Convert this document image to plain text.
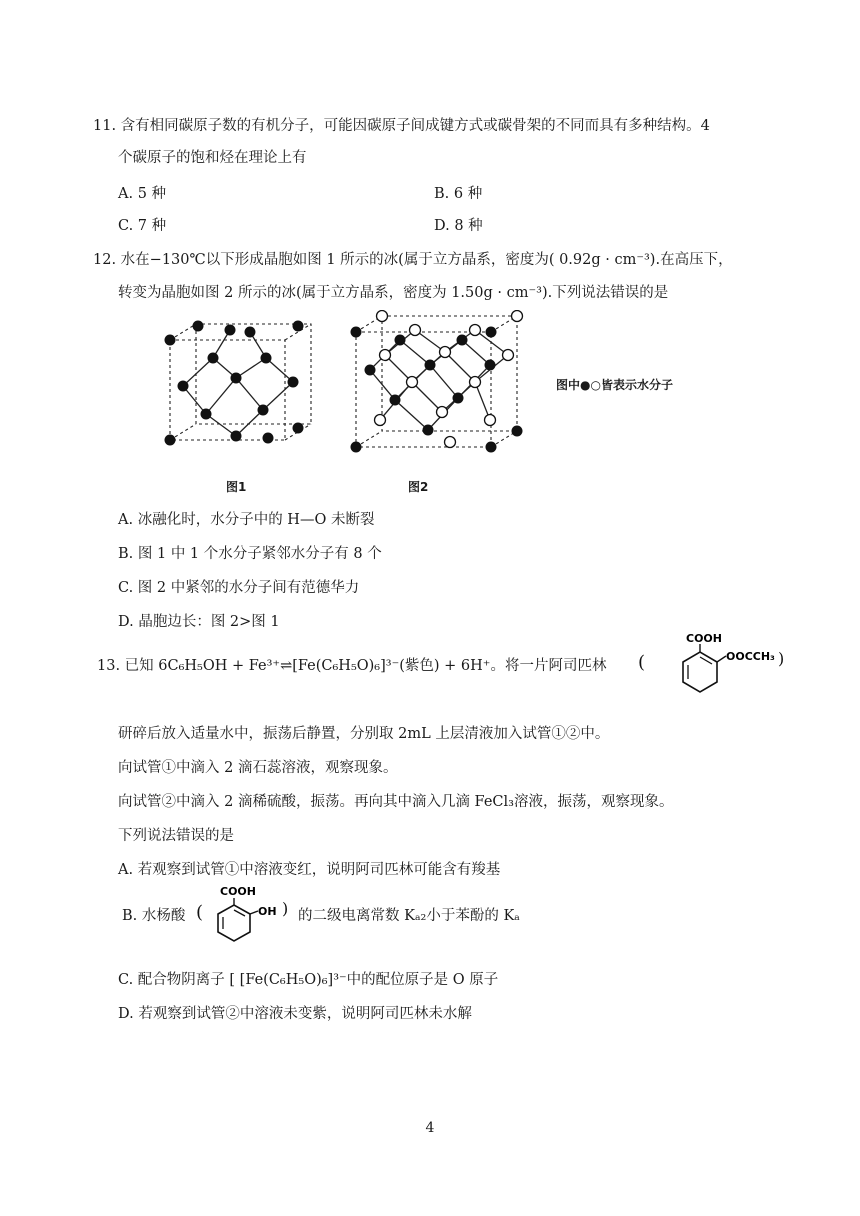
11. 含有相同碳原子数的有机分子，可能因碳原子间成键方式或碳骨架的不同而具有多种结构。4
个碳原子的饱和烃在理论上有
A. 5 种	B. 6 种
C. 7 种	D. 8 种
12. 水在−130℃以下形成晶胞如图 1 所示的冰(属于立方晶系，密度为( 0.92g · cm⁻³).在高压下，
转变为晶胞如图 2 所示的冰(属于立方晶系，密度为 1.50g · cm⁻³).下列说法错误的是
图1	图2
图中●○皆表示水分子
A. 冰融化时，水分子中的 H—O 未断裂
B. 图 1 中 1 个水分子紧邻水分子有 8 个
C. 图 2 中紧邻的水分子间有范德华力
D. 晶胞边长：图 2>图 1
13. 已知 6C₆H₅OH + Fe³⁺⇌[Fe(C₆H₅O)₆]³⁻(紫色) + 6H⁺。将一片阿司匹林 (
COOH
OOCCH₃ )
研碎后放入适量水中，振荡后静置，分别取 2mL 上层清液加入试管①②中。
向试管①中滴入 2 滴石蕊溶液，观察现象。
向试管②中滴入 2 滴稀硫酸，振荡。再向其中滴入几滴 FeCl₃溶液，振荡，观察现象。
下列说法错误的是
A. 若观察到试管①中溶液变红，说明阿司匹林可能含有羧基
B. 水杨酸 (
COOH
OH ) 的二级电离常数 Kₐ₂小于苯酚的 Kₐ
C. 配合物阴离子 [ [Fe(C₆H₅O)₆]³⁻中的配位原子是 O 原子
D. 若观察到试管②中溶液未变紫，说明阿司匹林未水解
4
